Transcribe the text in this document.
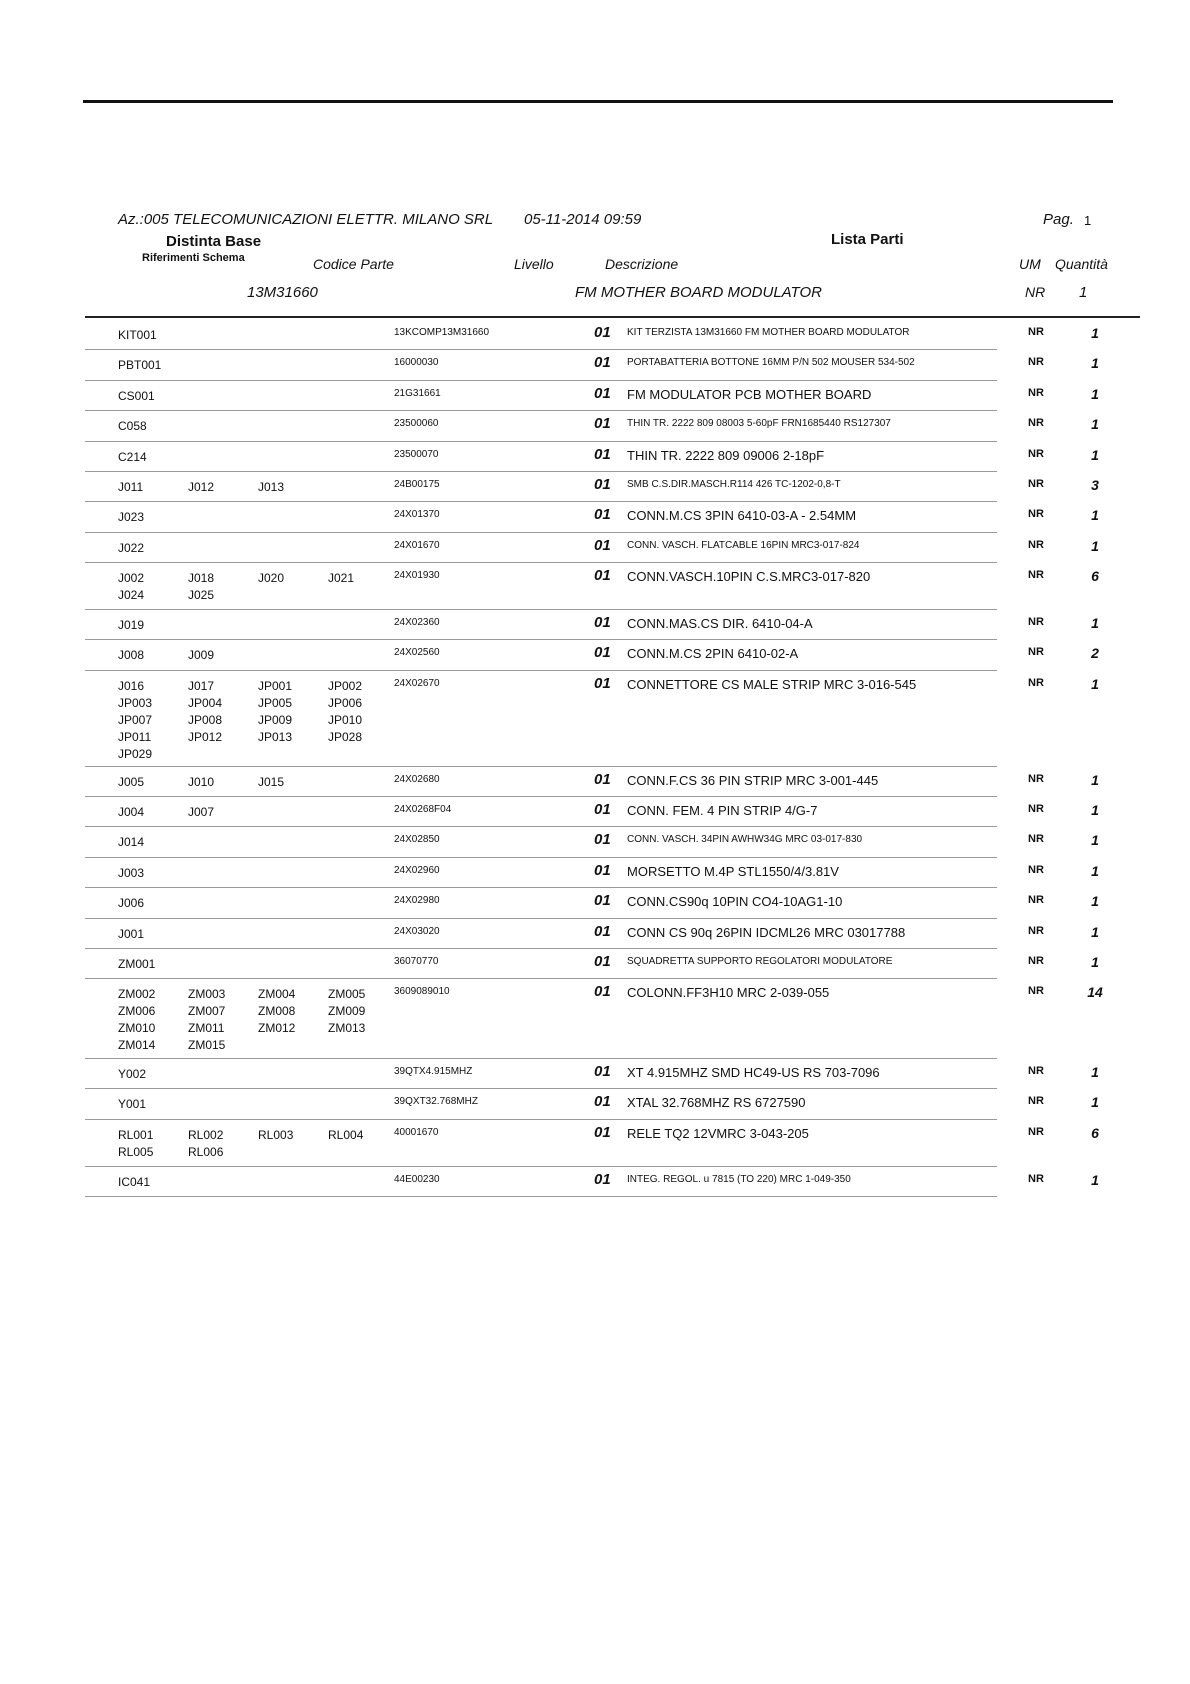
Az.:005 TELECOMUNICAZIONI ELETTR. MILANO SRL 05-11-2014 09:59	Pag. 1
Distinta Base
Riferimenti Schema
Lista Parti
Codice Parte	Livello	Descrizione	UM Quantità
13M31660	FM MOTHER BOARD MODULATOR	NR 1
KIT001	13KCOMP13M31660	01 KIT TERZISTA 13M31660 FM MOTHER BOARD MODULATOR	NR	1
PBT001	16000030	01 PORTABATTERIA BOTTONE 16MM P/N 502 MOUSER 534-502	NR	1
CS001	21G31661	01 FM MODULATOR PCB MOTHER BOARD	NR	1
C058	23500060	01 THIN TR. 2222 809 08003 5-60pF FRN1685440 RS127307	NR	1
C214	23500070	01 THIN TR. 2222 809 09006 2-18pF	NR	1
J011	J012	J013	24B00175	01 SMB C.S.DIR.MASCH.R114 426 TC-1202-0,8-T	NR	3
J023	24X01370	01 CONN.M.CS 3PIN 6410-03-A - 2.54MM	NR	1
J022	24X01670	01 CONN. VASCH. FLATCABLE 16PIN MRC3-017-824	NR	1
J002	J018	J020	J021
J024	J025
24X01930	01 CONN.VASCH.10PIN C.S.MRC3-017-820	NR	6
J019	24X02360	01 CONN.MAS.CS DIR. 6410-04-A	NR	1
J008	J009	24X02560	01 CONN.M.CS 2PIN 6410-02-A	NR	2
J016	J017	JP001	JP002
JP003	JP004	JP005	JP006
JP007	JP008	JP009	JP010
JP011	JP012	JP013	JP028
JP029
24X02670	01 CONNETTORE CS MALE STRIP MRC 3-016-545	NR	1
J005	J010	J015	24X02680	01 CONN.F.CS 36 PIN STRIP MRC 3-001-445	NR	1
J004	J007	24X0268F04	01 CONN. FEM. 4 PIN STRIP 4/G-7	NR	1
J014	24X02850	01 CONN. VASCH. 34PIN AWHW34G MRC 03-017-830	NR	1
J003	24X02960	01 MORSETTO M.4P STL1550/4/3.81V	NR	1
J006	24X02980	01 CONN.CS90q 10PIN CO4-10AG1-10	NR	1
J001	24X03020	01 CONN CS 90q 26PIN IDCML26 MRC 03017788	NR	1
ZM001	36070770	01 SQUADRETTA SUPPORTO REGOLATORI MODULATORE	NR	1
ZM002	ZM003	ZM004	ZM005
ZM006	ZM007	ZM008	ZM009
ZM010	ZM011	ZM012	ZM013
ZM014	ZM015
3609089010	01 COLONN.FF3H10 MRC 2-039-055	NR	14
Y002	39QTX4.915MHZ	01 XT 4.915MHZ SMD HC49-US RS 703-7096	NR	1
Y001	39QXT32.768MHZ	01 XTAL 32.768MHZ RS 6727590	NR	1
RL001	RL002	RL003	RL004
RL005	RL006
40001670	01 RELE TQ2 12VMRC 3-043-205	NR	6
IC041	44E00230	01 INTEG. REGOL. u 7815 (TO 220) MRC 1-049-350	NR	1
